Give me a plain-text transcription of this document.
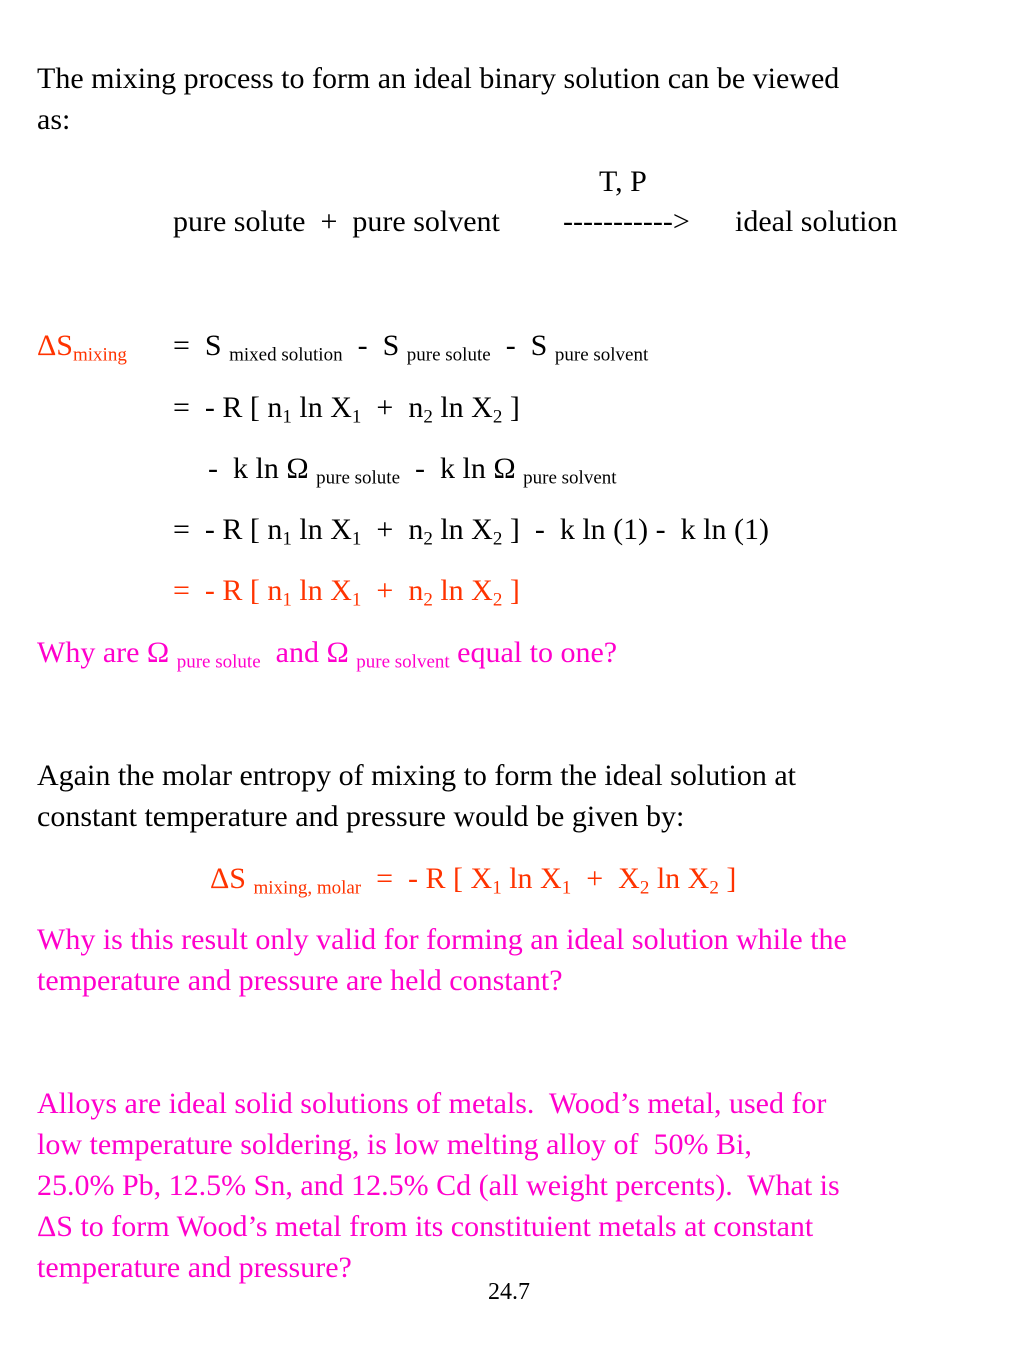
The mixing process to form an ideal binary solution can be viewed
as:
T, P
pure solute  +  pure solvent -----------> ideal solution
$\Delta S_{mixing} = S$ $_{mixed solution}$  -  S $_{pure solute}$  -  S $_{pure solvent}$
=  - R [ $n_1$ $\ln X_1 + n_2$ $\ln X_2$ ]
-  k ln Ω $_{pure solute}$  -  k ln Ω $_{pure solvent}$
=  - R [ $n_1$ $\ln X_1 + n_2$ $\ln X_2$ ]  -  k ln (1) -  k ln (1)
=  - R [ $n_1$ $\ln X_1 + n_2$ $\ln X_2$ ]
Why are Ω $_{pure solute}$  and Ω $_{pure solvent}$ equal to one?
Again the molar entropy of mixing to form the ideal solution at
constant temperature and pressure would be given by:
ΔS $_{mixing, molar}$  =  - R [ $X_1$ $\ln X_1 + X_2$ $\ln X_2$ ]
Why is this result only valid for forming an ideal solution while the
temperature and pressure are held constant?
Alloys are ideal solid solutions of metals.  Wood’s metal, used for
low temperature soldering, is low melting alloy of  50% Bi,
25.0% Pb, 12.5% Sn, and 12.5% Cd (all weight percents).  What is
ΔS to form Wood’s metal from its constituient metals at constant
temperature and pressure?
24.7
